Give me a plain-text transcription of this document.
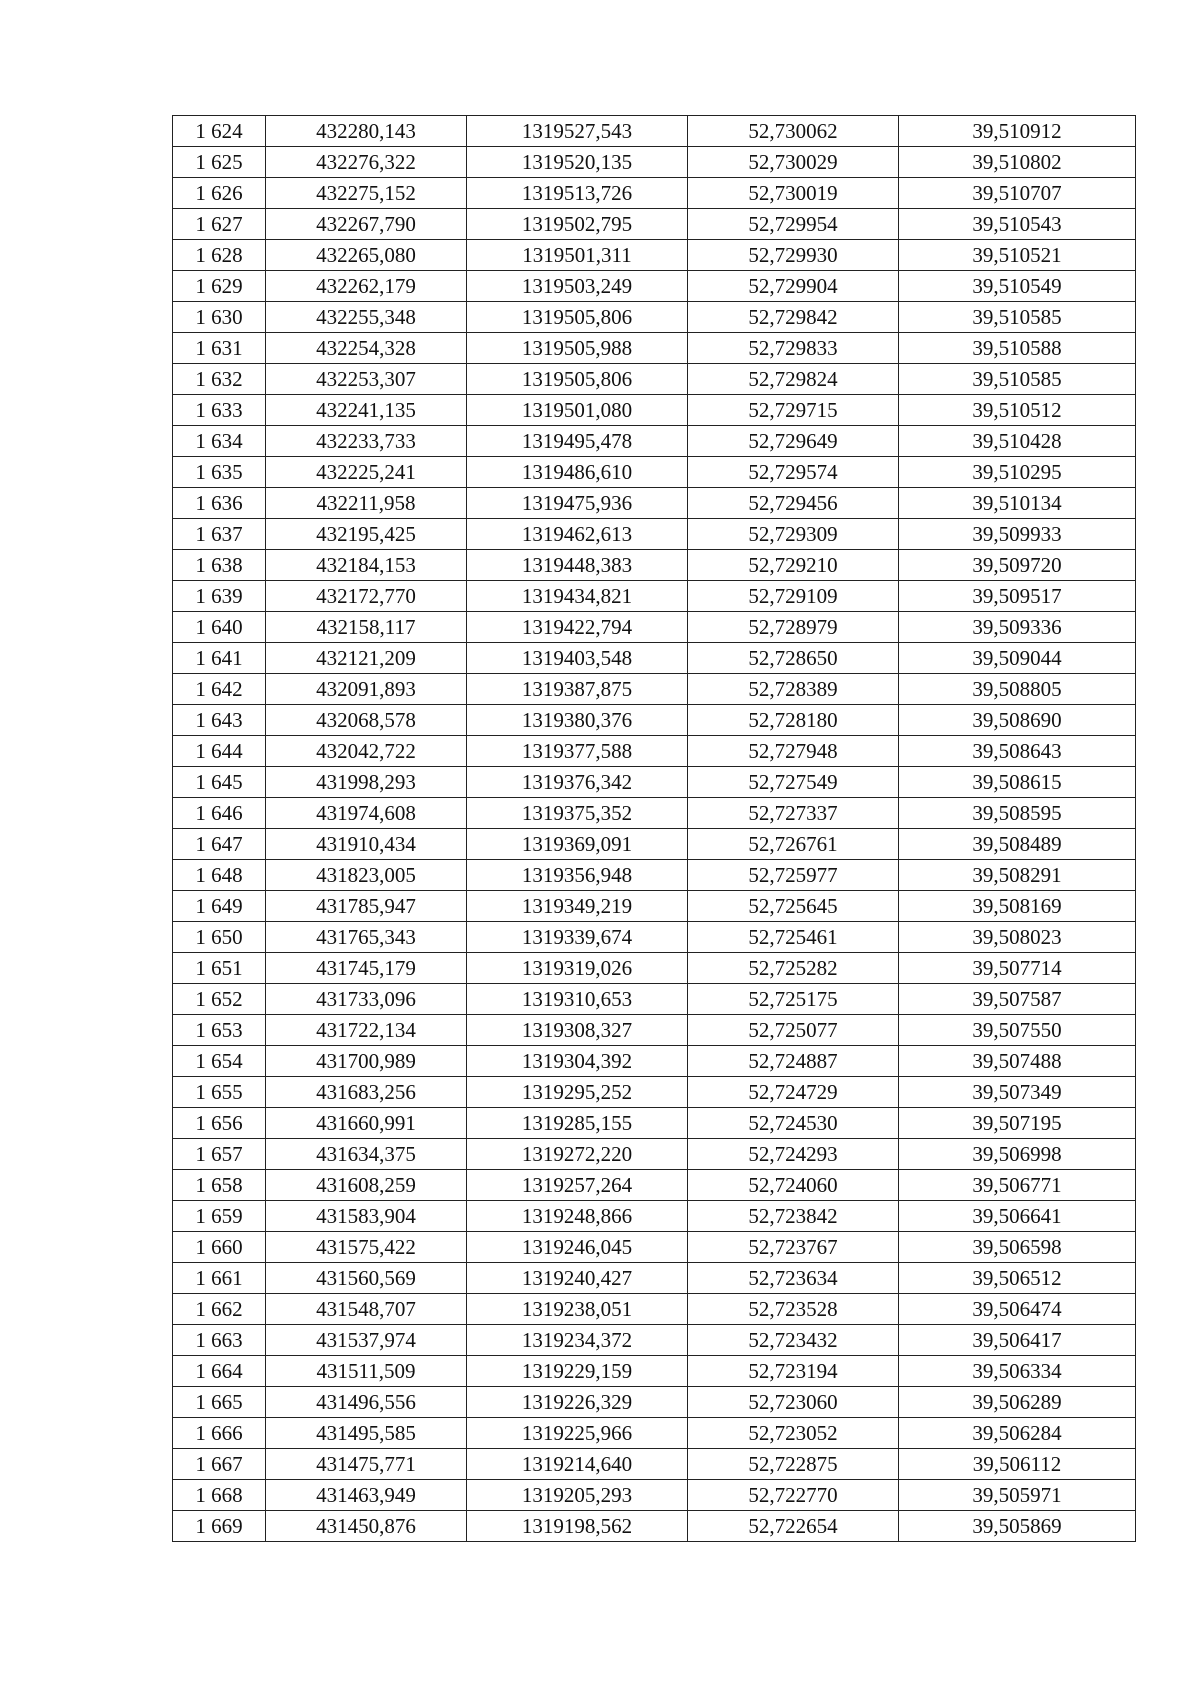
1 624	432280,143	1319527,543	52,730062	39,510912
1 625	432276,322	1319520,135	52,730029	39,510802
1 626	432275,152	1319513,726	52,730019	39,510707
1 627	432267,790	1319502,795	52,729954	39,510543
1 628	432265,080	1319501,311	52,729930	39,510521
1 629	432262,179	1319503,249	52,729904	39,510549
1 630	432255,348	1319505,806	52,729842	39,510585
1 631	432254,328	1319505,988	52,729833	39,510588
1 632	432253,307	1319505,806	52,729824	39,510585
1 633	432241,135	1319501,080	52,729715	39,510512
1 634	432233,733	1319495,478	52,729649	39,510428
1 635	432225,241	1319486,610	52,729574	39,510295
1 636	432211,958	1319475,936	52,729456	39,510134
1 637	432195,425	1319462,613	52,729309	39,509933
1 638	432184,153	1319448,383	52,729210	39,509720
1 639	432172,770	1319434,821	52,729109	39,509517
1 640	432158,117	1319422,794	52,728979	39,509336
1 641	432121,209	1319403,548	52,728650	39,509044
1 642	432091,893	1319387,875	52,728389	39,508805
1 643	432068,578	1319380,376	52,728180	39,508690
1 644	432042,722	1319377,588	52,727948	39,508643
1 645	431998,293	1319376,342	52,727549	39,508615
1 646	431974,608	1319375,352	52,727337	39,508595
1 647	431910,434	1319369,091	52,726761	39,508489
1 648	431823,005	1319356,948	52,725977	39,508291
1 649	431785,947	1319349,219	52,725645	39,508169
1 650	431765,343	1319339,674	52,725461	39,508023
1 651	431745,179	1319319,026	52,725282	39,507714
1 652	431733,096	1319310,653	52,725175	39,507587
1 653	431722,134	1319308,327	52,725077	39,507550
1 654	431700,989	1319304,392	52,724887	39,507488
1 655	431683,256	1319295,252	52,724729	39,507349
1 656	431660,991	1319285,155	52,724530	39,507195
1 657	431634,375	1319272,220	52,724293	39,506998
1 658	431608,259	1319257,264	52,724060	39,506771
1 659	431583,904	1319248,866	52,723842	39,506641
1 660	431575,422	1319246,045	52,723767	39,506598
1 661	431560,569	1319240,427	52,723634	39,506512
1 662	431548,707	1319238,051	52,723528	39,506474
1 663	431537,974	1319234,372	52,723432	39,506417
1 664	431511,509	1319229,159	52,723194	39,506334
1 665	431496,556	1319226,329	52,723060	39,506289
1 666	431495,585	1319225,966	52,723052	39,506284
1 667	431475,771	1319214,640	52,722875	39,506112
1 668	431463,949	1319205,293	52,722770	39,505971
1 669	431450,876	1319198,562	52,722654	39,505869
